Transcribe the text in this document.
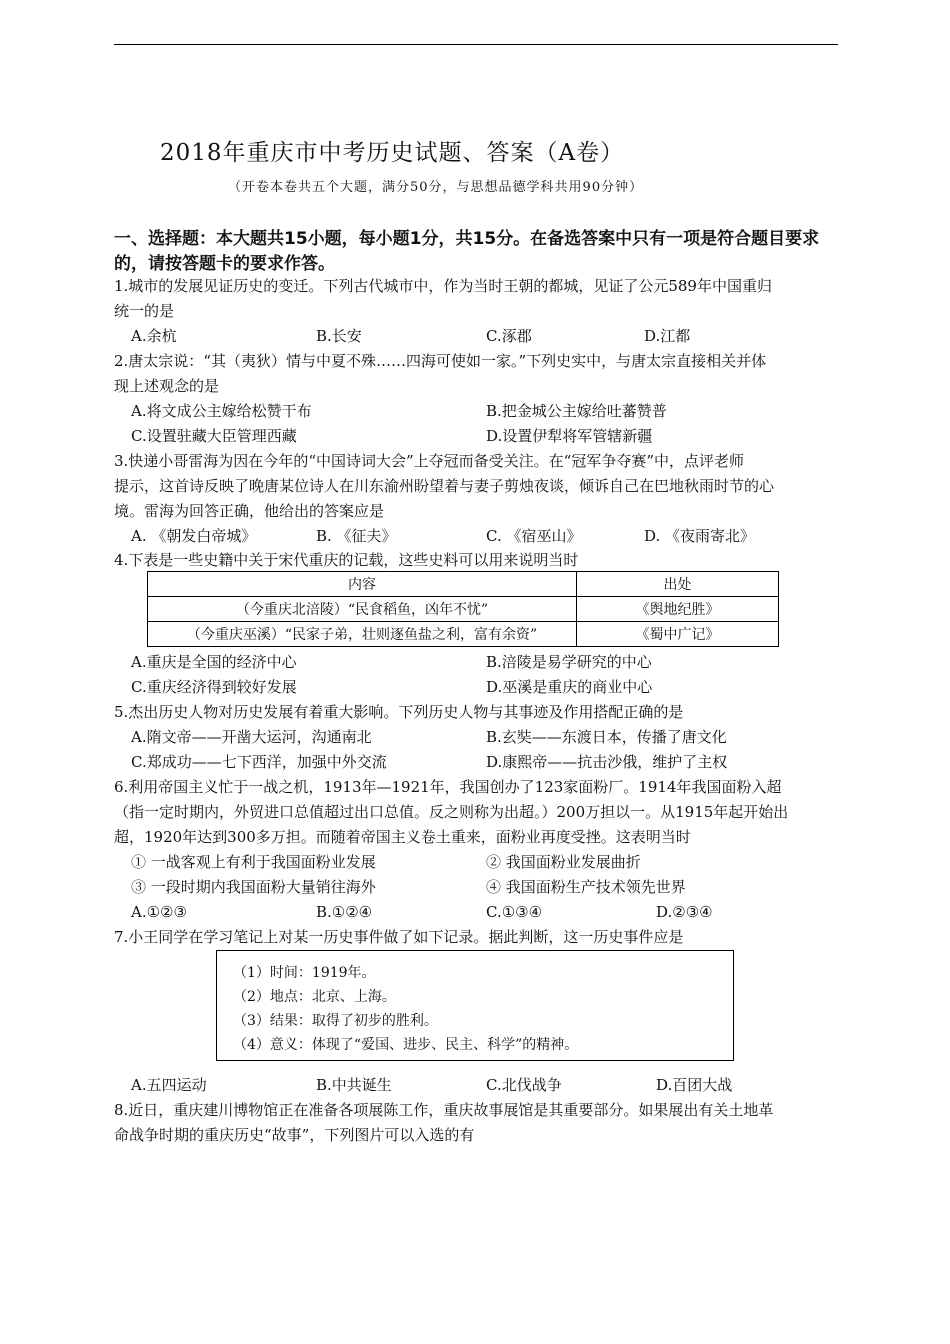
2018年重庆市中考历史试题、答案（A卷）
（开卷本卷共五个大题，满分50分，与思想品德学科共用90分钟）
一、选择题：本大题共15小题，每小题1分，共15分。在备选答案中只有一项是符合题目要求的，请按答题卡的要求作答。
1.城市的发展见证历史的变迁。下列古代城市中，作为当时王朝的都城，见证了公元589年中国重归
统一的是
A.余杭	B.长安	C.涿郡	D.江都
2.唐太宗说：“其（夷狄）情与中夏不殊……四海可使如一家。”下列史实中，与唐太宗直接相关并体
现上述观念的是
A.将文成公主嫁给松赞干布	B.把金城公主嫁给吐蕃赞普
C.设置驻藏大臣管理西藏	D.设置伊犁将军管辖新疆
3.快递小哥雷海为因在今年的“中国诗词大会”上夺冠而备受关注。在“冠军争夺赛”中，点评老师
提示，这首诗反映了晚唐某位诗人在川东渝州盼望着与妻子剪烛夜谈，倾诉自己在巴地秋雨时节的心
境。雷海为回答正确，他给出的答案应是
A. 《朝发白帝城》	B. 《征夫》	C. 《宿巫山》	D. 《夜雨寄北》
4.下表是一些史籍中关于宋代重庆的记载，这些史料可以用来说明当时
内容	出处
（今重庆北涪陵）“民食稻鱼，凶年不忧”	《舆地纪胜》
（今重庆巫溪）“民家子弟，壮则逐鱼盐之利，富有余资”	《蜀中广记》
A.重庆是全国的经济中心	B.涪陵是易学研究的中心
C.重庆经济得到较好发展	D.巫溪是重庆的商业中心
5.杰出历史人物对历史发展有着重大影响。下列历史人物与其事迹及作用搭配正确的是
A.隋文帝——开凿大运河，沟通南北	B.玄奘——东渡日本，传播了唐文化
C.郑成功——七下西洋，加强中外交流	D.康熙帝——抗击沙俄，维护了主权
6.利用帝国主义忙于一战之机，1913年—1921年，我国创办了123家面粉厂。1914年我国面粉入超
（指一定时期内，外贸进口总值超过出口总值。反之则称为出超。）200万担以一。从1915年起开始出
超，1920年达到300多万担。而随着帝国主义卷土重来，面粉业再度受挫。这表明当时
① 一战客观上有利于我国面粉业发展	② 我国面粉业发展曲折
③ 一段时期内我国面粉大量销往海外	④ 我国面粉生产技术领先世界
A.①②③	B.①②④	C.①③④	D.②③④
7.小王同学在学习笔记上对某一历史事件做了如下记录。据此判断，这一历史事件应是
（1）时间：1919年。
（2）地点：北京、上海。
（3）结果：取得了初步的胜利。
（4）意义：体现了“爱国、进步、民主、科学”的精神。
A.五四运动	B.中共诞生	C.北伐战争	D.百团大战
8.近日，重庆建川博物馆正在准备各项展陈工作，重庆故事展馆是其重要部分。如果展出有关土地革
命战争时期的重庆历史“故事”，下列图片可以入选的有
